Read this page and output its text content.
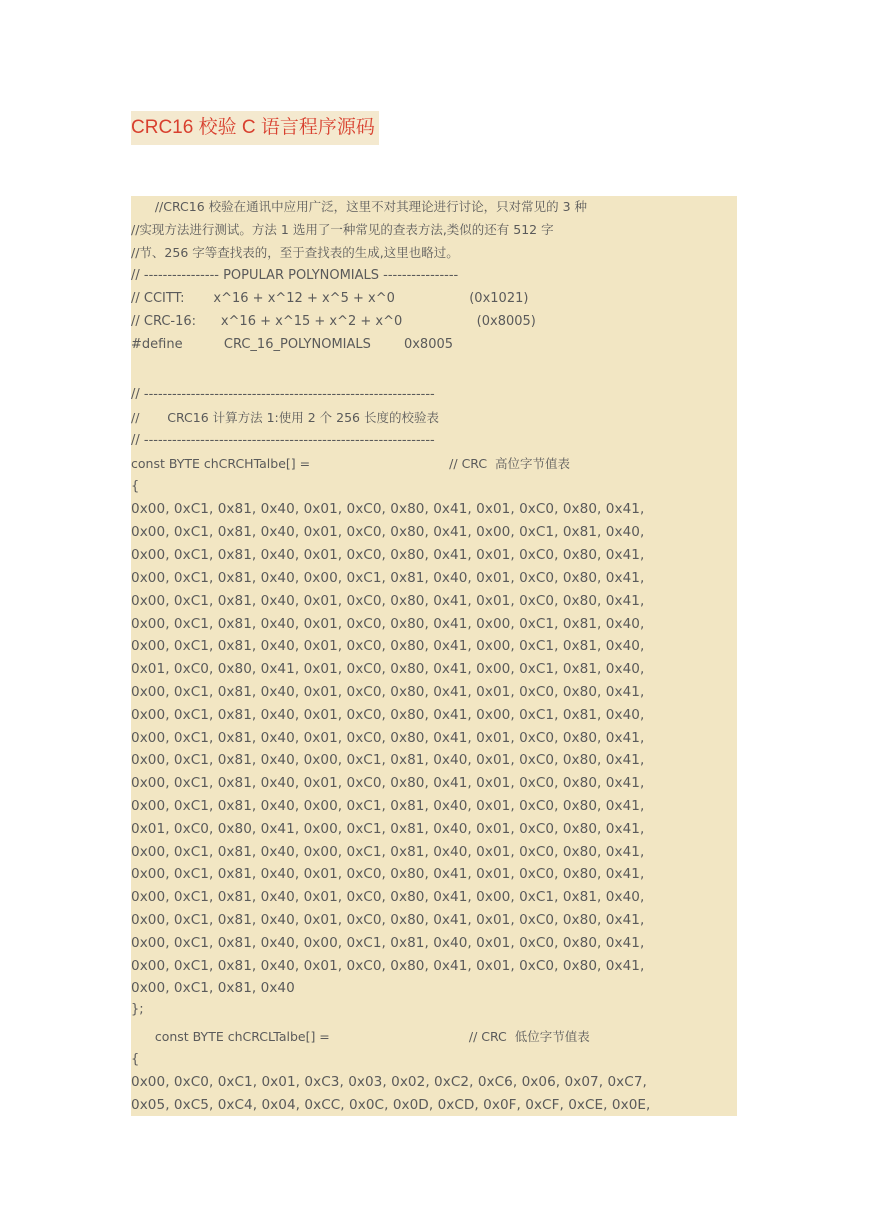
CRC16 校验 C 语言程序源码
//CRC16 校验在通讯中应用广泛，这里不对其理论进行讨论，只对常见的 3 种
//实现方法进行测试。方法 1 选用了一种常见的查表方法,类似的还有 512 字
//节、256 字等查找表的，至于查找表的生成,这里也略过。
// ---------------- POPULAR POLYNOMIALS ----------------
// CCITT:       x^16 + x^12 + x^5 + x^0                  (0x1021)
// CRC-16:      x^16 + x^15 + x^2 + x^0                  (0x8005)
#define          CRC_16_POLYNOMIALS        0x8005
// --------------------------------------------------------------
//       CRC16 计算方法 1:使用 2 个 256 长度的校验表
// --------------------------------------------------------------
const BYTE chCRCHTalbe[] =                                   // CRC  高位字节值表
{
0x00, 0xC1, 0x81, 0x40, 0x01, 0xC0, 0x80, 0x41, 0x01, 0xC0, 0x80, 0x41,
0x00, 0xC1, 0x81, 0x40, 0x01, 0xC0, 0x80, 0x41, 0x00, 0xC1, 0x81, 0x40,
0x00, 0xC1, 0x81, 0x40, 0x01, 0xC0, 0x80, 0x41, 0x01, 0xC0, 0x80, 0x41,
0x00, 0xC1, 0x81, 0x40, 0x00, 0xC1, 0x81, 0x40, 0x01, 0xC0, 0x80, 0x41,
0x00, 0xC1, 0x81, 0x40, 0x01, 0xC0, 0x80, 0x41, 0x01, 0xC0, 0x80, 0x41,
0x00, 0xC1, 0x81, 0x40, 0x01, 0xC0, 0x80, 0x41, 0x00, 0xC1, 0x81, 0x40,
0x00, 0xC1, 0x81, 0x40, 0x01, 0xC0, 0x80, 0x41, 0x00, 0xC1, 0x81, 0x40,
0x01, 0xC0, 0x80, 0x41, 0x01, 0xC0, 0x80, 0x41, 0x00, 0xC1, 0x81, 0x40,
0x00, 0xC1, 0x81, 0x40, 0x01, 0xC0, 0x80, 0x41, 0x01, 0xC0, 0x80, 0x41,
0x00, 0xC1, 0x81, 0x40, 0x01, 0xC0, 0x80, 0x41, 0x00, 0xC1, 0x81, 0x40,
0x00, 0xC1, 0x81, 0x40, 0x01, 0xC0, 0x80, 0x41, 0x01, 0xC0, 0x80, 0x41,
0x00, 0xC1, 0x81, 0x40, 0x00, 0xC1, 0x81, 0x40, 0x01, 0xC0, 0x80, 0x41,
0x00, 0xC1, 0x81, 0x40, 0x01, 0xC0, 0x80, 0x41, 0x01, 0xC0, 0x80, 0x41,
0x00, 0xC1, 0x81, 0x40, 0x00, 0xC1, 0x81, 0x40, 0x01, 0xC0, 0x80, 0x41,
0x01, 0xC0, 0x80, 0x41, 0x00, 0xC1, 0x81, 0x40, 0x01, 0xC0, 0x80, 0x41,
0x00, 0xC1, 0x81, 0x40, 0x00, 0xC1, 0x81, 0x40, 0x01, 0xC0, 0x80, 0x41,
0x00, 0xC1, 0x81, 0x40, 0x01, 0xC0, 0x80, 0x41, 0x01, 0xC0, 0x80, 0x41,
0x00, 0xC1, 0x81, 0x40, 0x01, 0xC0, 0x80, 0x41, 0x00, 0xC1, 0x81, 0x40,
0x00, 0xC1, 0x81, 0x40, 0x01, 0xC0, 0x80, 0x41, 0x01, 0xC0, 0x80, 0x41,
0x00, 0xC1, 0x81, 0x40, 0x00, 0xC1, 0x81, 0x40, 0x01, 0xC0, 0x80, 0x41,
0x00, 0xC1, 0x81, 0x40, 0x01, 0xC0, 0x80, 0x41, 0x01, 0xC0, 0x80, 0x41,
0x00, 0xC1, 0x81, 0x40
};
const BYTE chCRCLTalbe[] =                                   // CRC  低位字节值表
{
0x00, 0xC0, 0xC1, 0x01, 0xC3, 0x03, 0x02, 0xC2, 0xC6, 0x06, 0x07, 0xC7,
0x05, 0xC5, 0xC4, 0x04, 0xCC, 0x0C, 0x0D, 0xCD, 0x0F, 0xCF, 0xCE, 0x0E,
